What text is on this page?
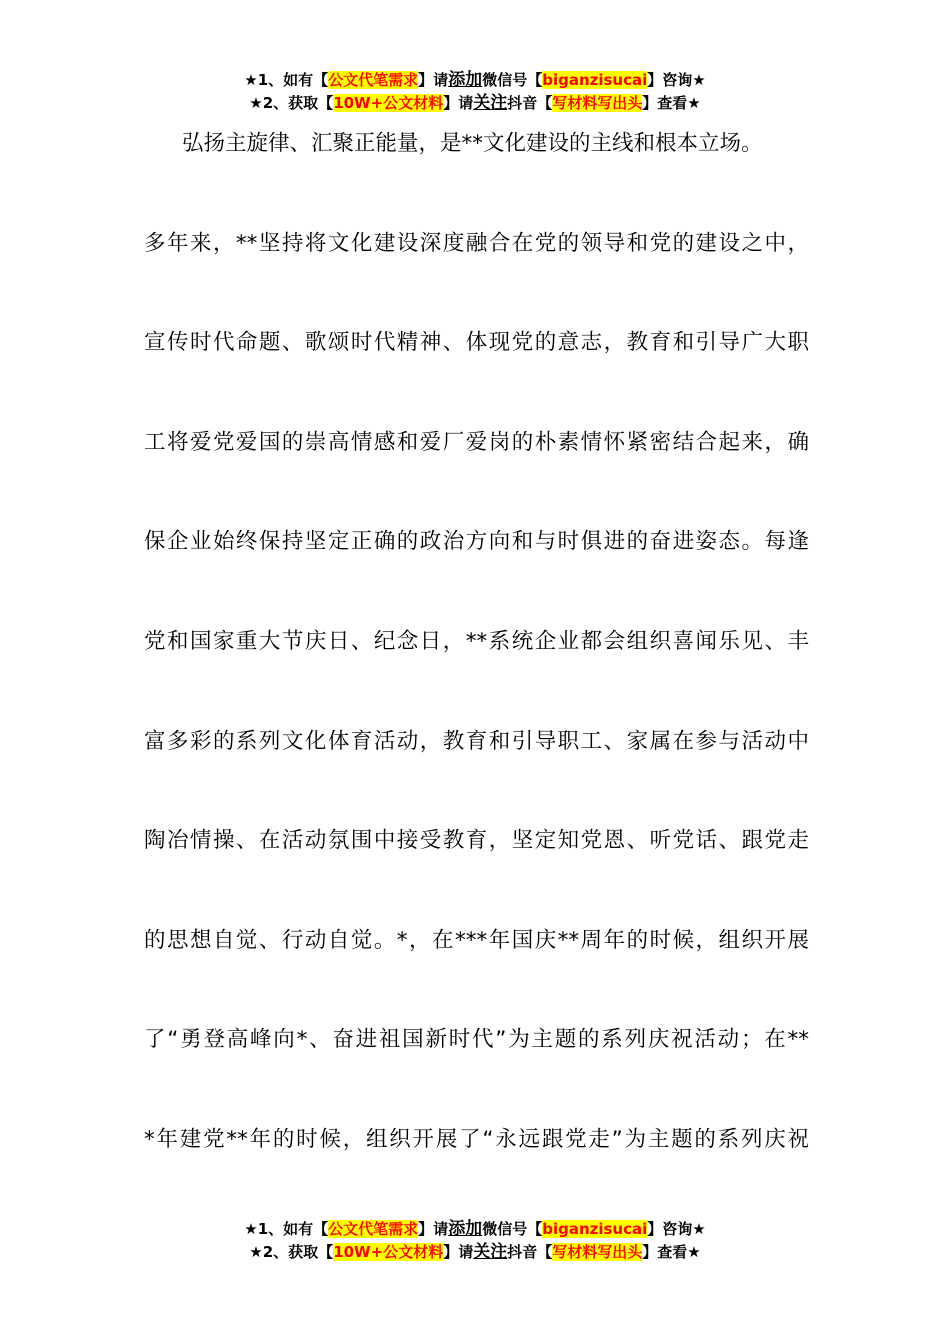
★1、如有【公文代笔需求】请添加微信号【biganzisucai】咨询★
★2、获取【10W+公文材料】请关注抖音【写材料写出头】查看★
弘扬主旋律、汇聚正能量，是**文化建设的主线和根本立场。
多年来，**坚持将文化建设深度融合在党的领导和党的建设之中，
宣传时代命题、歌颂时代精神、体现党的意志，教育和引导广大职
工将爱党爱国的崇高情感和爱厂爱岗的朴素情怀紧密结合起来，确
保企业始终保持坚定正确的政治方向和与时俱进的奋进姿态。每逢
党和国家重大节庆日、纪念日，**系统企业都会组织喜闻乐见、丰
富多彩的系列文化体育活动，教育和引导职工、家属在参与活动中
陶冶情操、在活动氛围中接受教育，坚定知党恩、听党话、跟党走
的思想自觉、行动自觉。*，在***年国庆**周年的时候，组织开展
了“勇登高峰向*、奋进祖国新时代”为主题的系列庆祝活动；在**
*年建党**年的时候，组织开展了“永远跟党走”为主题的系列庆祝
★1、如有【公文代笔需求】请添加微信号【biganzisucai】咨询★
★2、获取【10W+公文材料】请关注抖音【写材料写出头】查看★
